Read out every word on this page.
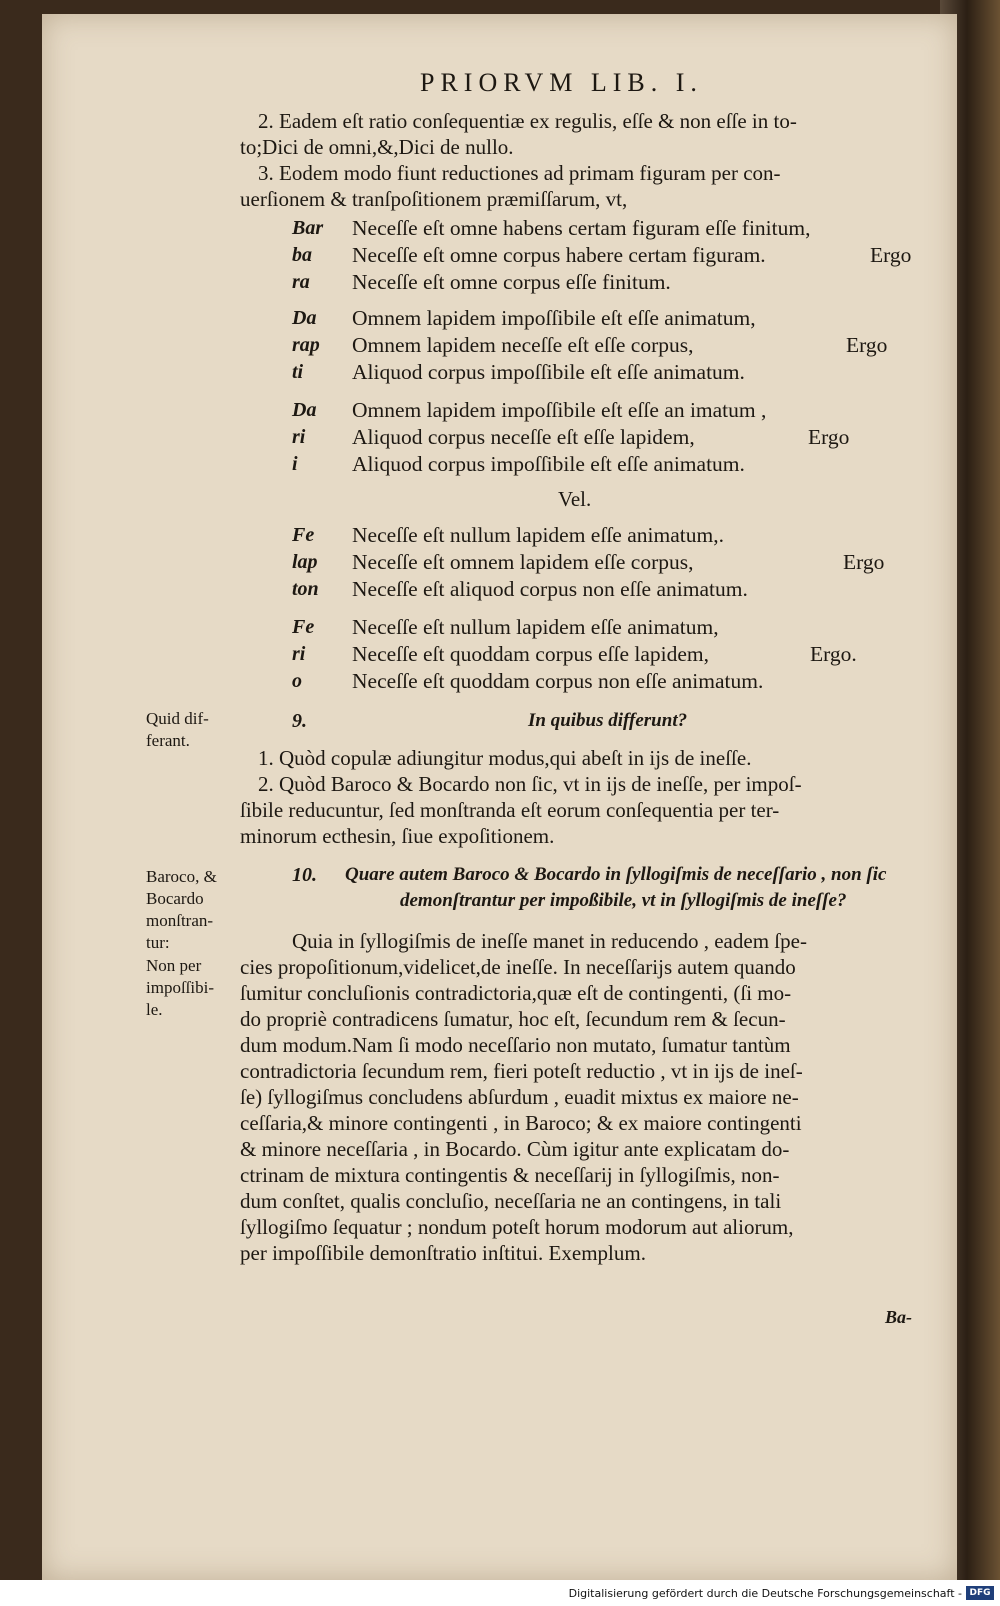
PRIORVM LIB. I.
2. Eadem eſt ratio conſequentiæ ex regulis, eſſe & non eſſe in to-
to;Dici de omni,&,Dici de nullo.
3. Eodem modo fiunt reductiones ad primam figuram per con-
uerſionem & tranſpoſitionem præmiſſarum, vt,
Bar
ba
ra
Neceſſe eſt omne habens certam figuram eſſe finitum,
Neceſſe eſt omne corpus habere certam figuram.
Neceſſe eſt omne corpus eſſe finitum.
Ergo
Da
rap
ti
Omnem lapidem impoſſibile eſt eſſe animatum,
Omnem lapidem neceſſe eſt eſſe corpus,
Aliquod corpus impoſſibile eſt eſſe animatum.
Ergo
Da
ri
i
Omnem lapidem impoſſibile eſt eſſe an imatum ,
Aliquod corpus neceſſe eſt eſſe lapidem,
Aliquod corpus impoſſibile eſt eſſe animatum.
Ergo
Vel.
Fe
lap
ton
Neceſſe eſt nullum lapidem eſſe animatum,.
Neceſſe eſt omnem lapidem eſſe corpus,
Neceſſe eſt aliquod corpus non eſſe animatum.
Ergo
Fe
ri
o
Neceſſe eſt nullum lapidem eſſe animatum,
Neceſſe eſt quoddam corpus eſſe lapidem,
Neceſſe eſt quoddam corpus non eſſe animatum.
Ergo.
Quid dif-
ferant.
9.	In quibus differunt?
1. Quòd copulæ adiungitur modus,qui abeſt in ijs de ineſſe.
2. Quòd Baroco & Bocardo non ſic, vt in ijs de ineſſe, per impoſ-
ſibile reducuntur, ſed monſtranda eſt eorum conſequentia per ter-
minorum ecthesin, ſiue expoſitionem.
Baroco, &
Bocardo
monſtran-
tur:
Non per
impoſſibi-
le.
10. Quare autem Baroco & Bocardo in ſyllogiſmis de neceſſario , non ſic
demonſtrantur per impoßibile, vt in ſyllogiſmis de ineſſe?
Quia in ſyllogiſmis de ineſſe manet in reducendo , eadem ſpe-
cies propoſitionum,videlicet,de ineſſe. In neceſſarijs autem quando
ſumitur concluſionis contradictoria,quæ eſt de contingenti, (ſi mo-
do propriè contradicens ſumatur, hoc eſt, ſecundum rem & ſecun-
dum modum.Nam ſi modo neceſſario non mutato, ſumatur tantùm
contradictoria ſecundum rem, fieri poteſt reductio , vt in ijs de ineſ-
ſe) ſyllogiſmus concludens abſurdum , euadit mixtus ex maiore ne-
ceſſaria,& minore contingenti , in Baroco; & ex maiore contingenti
& minore neceſſaria , in Bocardo. Cùm igitur ante explicatam do-
ctrinam de mixtura contingentis & neceſſarij in ſyllogiſmis, non-
dum conſtet, qualis concluſio, neceſſaria ne an contingens, in tali
ſyllogiſmo ſequatur ; nondum poteſt horum modorum aut aliorum,
per impoſſibile demonſtratio inſtitui. Exemplum.
Ba-
Digitalisierung gefördert durch die Deutsche Forschungsgemeinschaft - DFG
